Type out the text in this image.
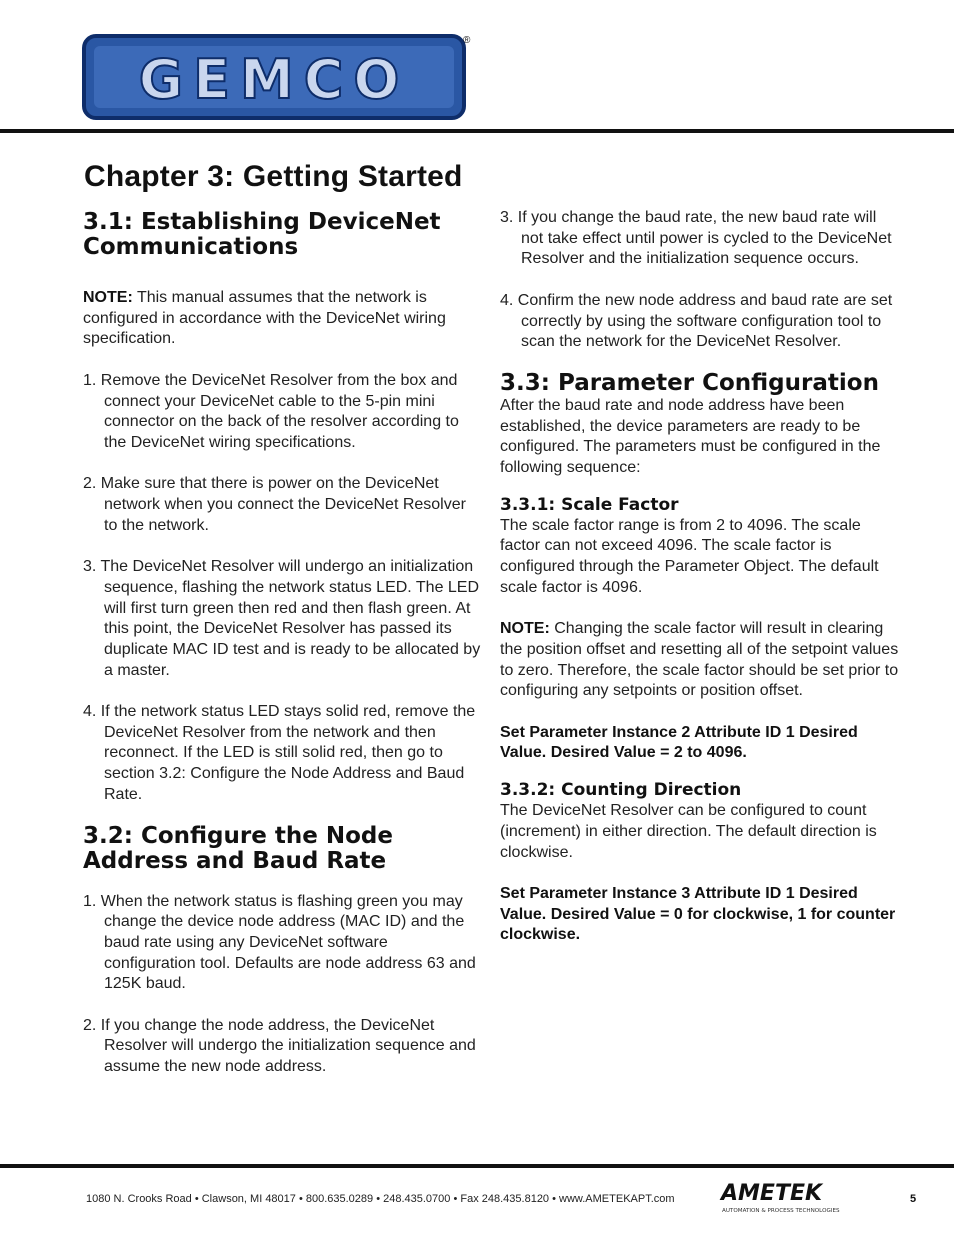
GEMCO
®
Chapter 3: Getting Started
3.1: Establishing DeviceNet Communications

NOTE: This manual assumes that the network is configured in accordance with the DeviceNet wiring specification.

1. Remove the DeviceNet Resolver from the box and connect your DeviceNet cable to the 5-pin mini connector on the back of the resolver according to the DeviceNet wiring specifications.

2. Make sure that there is power on the DeviceNet network when you connect the DeviceNet Resolver to the network.

3. The DeviceNet Resolver will undergo an initialization sequence, flashing the network status LED. The LED will first turn green then red and then flash green. At this point, the DeviceNet Resolver has passed its duplicate MAC ID test and is ready to be allocated by a master.

4. If the network status LED stays solid red, remove the DeviceNet Resolver from the network and then reconnect. If the LED is still solid red, then go to section 3.2: Configure the Node Address and Baud Rate.

3.2: Configure the Node Address and Baud Rate

1. When the network status is flashing green you may change the device node address (MAC ID) and the baud rate using any DeviceNet software configuration tool. Defaults are node address 63 and 125K baud.

2. If you change the node address, the DeviceNet Resolver will undergo the initialization sequence and assume the new node address.

3. If you change the baud rate, the new baud rate will not take effect until power is cycled to the DeviceNet Resolver and the initialization sequence occurs.

4. Confirm the new node address and baud rate are set correctly by using the software configuration tool to scan the network for the DeviceNet Resolver.

3.3: Parameter Configuration

After the baud rate and node address have been established, the device parameters are ready to be configured. The parameters must be configured in the following sequence:

3.3.1: Scale Factor

The scale factor range is from 2 to 4096. The scale factor can not exceed 4096. The scale factor is configured through the Parameter Object. The default scale factor is 4096.

NOTE: Changing the scale factor will result in clearing the position offset and resetting all of the setpoint values to zero. Therefore, the scale factor should be set prior to configuring any setpoints or position offset.

Set Parameter Instance 2 Attribute ID 1 Desired Value. Desired Value = 2 to 4096.

3.3.2: Counting Direction

The DeviceNet Resolver can be configured to count (increment) in either direction. The default direction is clockwise.

Set Parameter Instance 3 Attribute ID 1 Desired Value. Desired Value = 0 for clockwise, 1 for counter clockwise.

1080 N. Crooks Road • Clawson, MI 48017 • 800.635.0289 • 248.435.0700 • Fax 248.435.8120 • www.AMETEKAPT.com AMETEK
AUTOMATION & PROCESS TECHNOLOGIES
5
